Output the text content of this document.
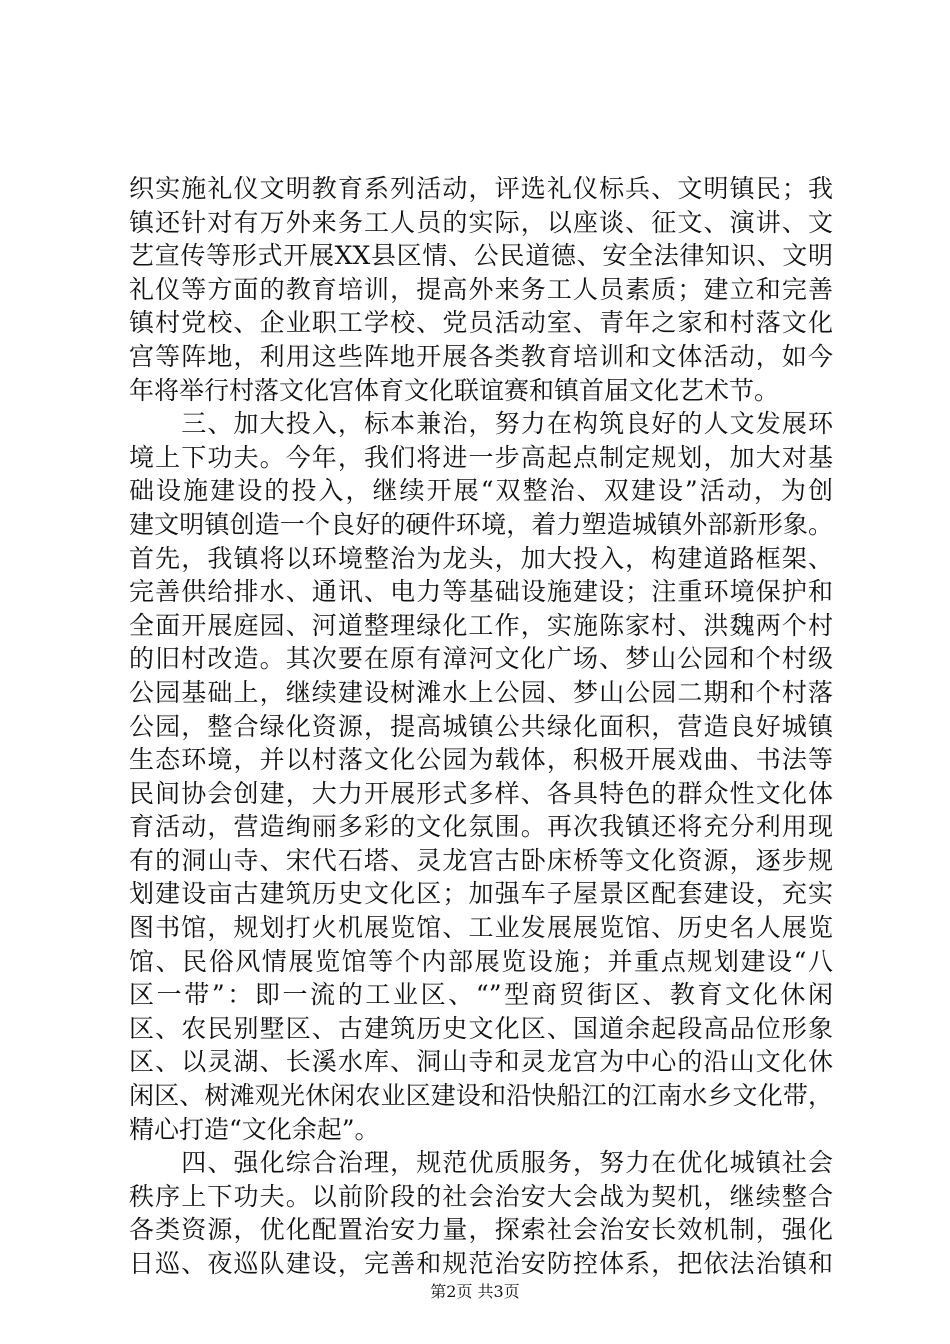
织实施礼仪文明教育系列活动，评选礼仪标兵、文明镇民；我
镇还针对有万外来务工人员的实际，以座谈、征文、演讲、文
艺宣传等形式开展XX县区情、公民道德、安全法律知识、文明
礼仪等方面的教育培训，提高外来务工人员素质；建立和完善
镇村党校、企业职工学校、党员活动室、青年之家和村落文化
宫等阵地，利用这些阵地开展各类教育培训和文体活动，如今
年将举行村落文化宫体育文化联谊赛和镇首届文化艺术节。
　　三、加大投入，标本兼治，努力在构筑良好的人文发展环
境上下功夫。今年，我们将进一步高起点制定规划，加大对基
础设施建设的投入，继续开展“双整治、双建设”活动，为创
建文明镇创造一个良好的硬件环境，着力塑造城镇外部新形象。
首先，我镇将以环境整治为龙头，加大投入，构建道路框架、
完善供给排水、通讯、电力等基础设施建设；注重环境保护和
全面开展庭园、河道整理绿化工作，实施陈家村、洪魏两个村
的旧村改造。其次要在原有漳河文化广场、梦山公园和个村级
公园基础上，继续建设树滩水上公园、梦山公园二期和个村落
公园，整合绿化资源，提高城镇公共绿化面积，营造良好城镇
生态环境，并以村落文化公园为载体，积极开展戏曲、书法等
民间协会创建，大力开展形式多样、各具特色的群众性文化体
育活动，营造绚丽多彩的文化氛围。再次我镇还将充分利用现
有的洞山寺、宋代石塔、灵龙宫古卧床桥等文化资源，逐步规
划建设亩古建筑历史文化区；加强车子屋景区配套建设，充实
图书馆，规划打火机展览馆、工业发展展览馆、历史名人展览
馆、民俗风情展览馆等个内部展览设施；并重点规划建设“八
区一带”：即一流的工业区、“”型商贸街区、教育文化休闲
区、农民别墅区、古建筑历史文化区、国道余起段高品位形象
区、以灵湖、长溪水库、洞山寺和灵龙宫为中心的沿山文化休
闲区、树滩观光休闲农业区建设和沿快船江的江南水乡文化带，
精心打造“文化余起”。
　　四、强化综合治理，规范优质服务，努力在优化城镇社会
秩序上下功夫。以前阶段的社会治安大会战为契机，继续整合
各类资源，优化配置治安力量，探索社会治安长效机制，强化
日巡、夜巡队建设，完善和规范治安防控体系，把依法治镇和
第2页 共3页
